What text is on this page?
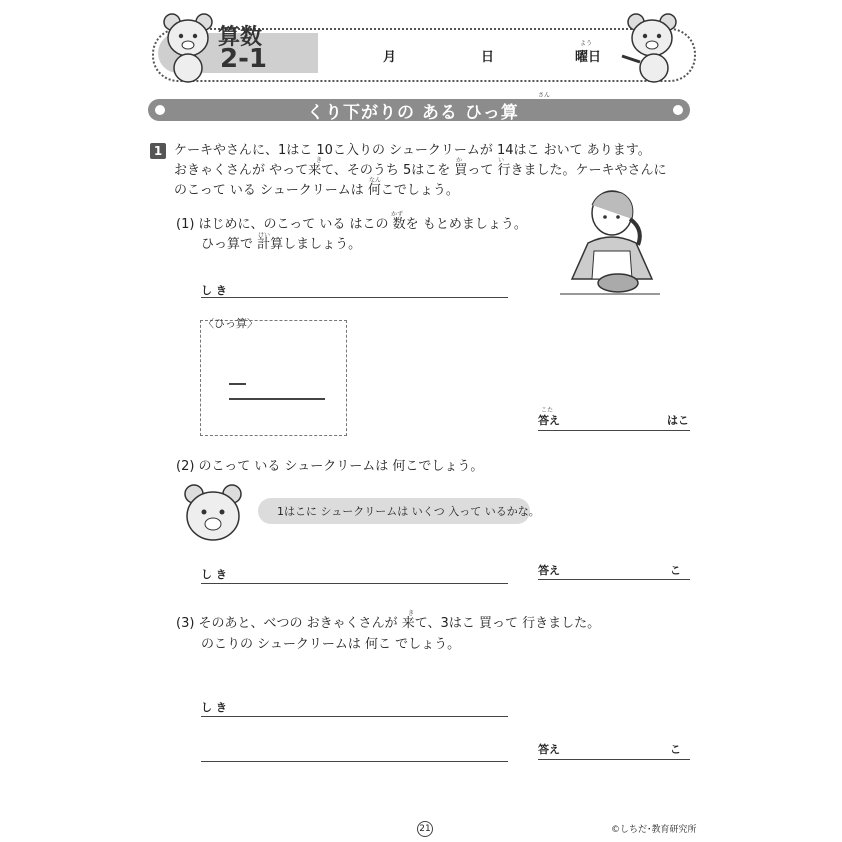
算数
2-1	月	日
よう
曜日
さん
くり下がりの ある ひっ算
1
き	か	い
なん
ケーキやさんに、1はこ 10こ入りの シュークリームが 14はこ おいて あります。
おきゃくさんが やって来て、そのうち 5はこを 買って 行きました。ケーキやさんに
のこって いる シュークリームは 何こでしょう。
かず
けい
(1) はじめに、のこって いる はこの 数を もとめましょう。
ひっ算で 計算しましょう。
し き
〈ひっ算〉
こた
答え	はこ
(2) のこって いる シュークリームは 何こでしょう。
1はこに シュークリームは いくつ 入って いるかな。
し き	答え	こ
き
(3) そのあと、べつの おきゃくさんが 来て、3はこ 買って 行きました。
のこりの シュークリームは 何こ でしょう。
し き
答え	こ
21	©しちだ･教育研究所
